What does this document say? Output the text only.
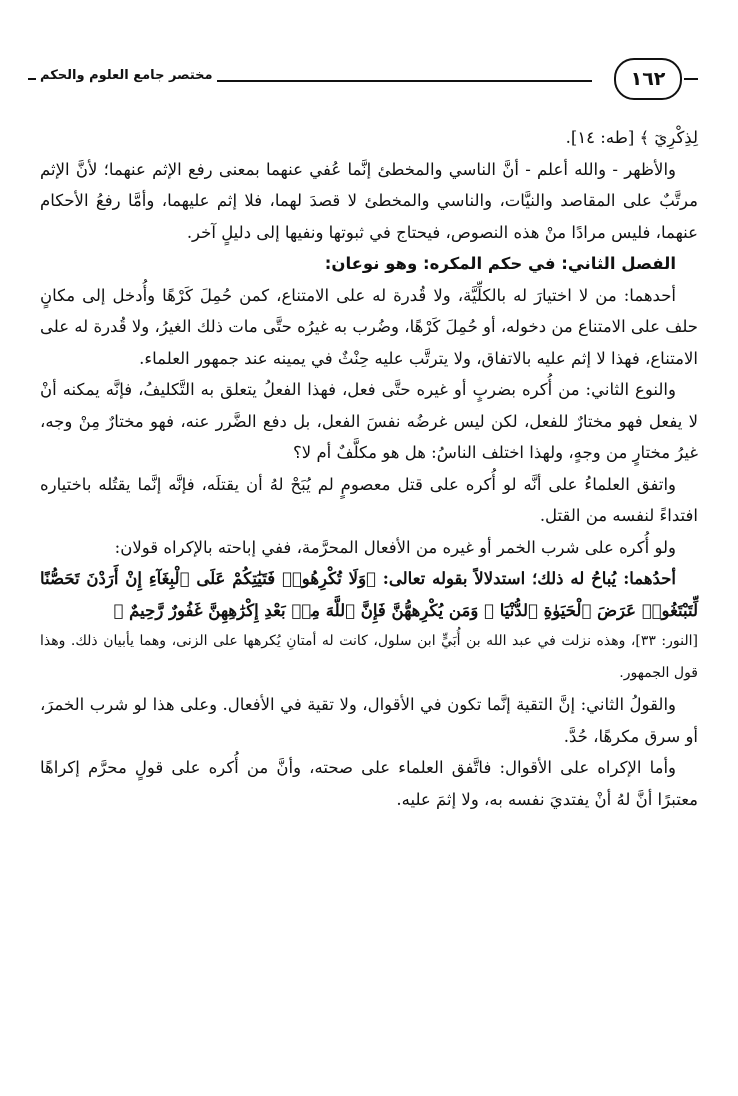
مختصر جامع العلوم والحكم	١٦٢

لِذِكْرِيٓ ﴾ [طه: ١٤].

والأظهر - والله أعلم - أنَّ الناسي والمخطئ إنَّما عُفي عنهما بمعنى رفع الإثم عنهما؛ لأنَّ الإثم مرتَّبٌ على المقاصد والنيَّات، والناسي والمخطئ لا قصدَ لهما، فلا إثم عليهما، وأمَّا رفعُ الأحكام عنهما، فليس مرادًا منْ هذه النصوص، فيحتاج في ثبوتها ونفيها إلى دليلٍ آخر.

الفصل الثاني: في حكم المكره: وهو نوعان:

أحدهما: من لا اختيارَ له بالكلِّيَّة، ولا قُدرة له على الامتناع، كمن حُمِلَ كَرْهًا وأُدخل إلى مكانٍ حلف على الامتناع من دخوله، أو حُمِلَ كَرْهًا، وضُرب به غيرُه حتَّى مات ذلك الغيرُ، ولا قُدرة له على الامتناع، فهذا لا إثم عليه بالاتفاق، ولا يترتَّب عليه حِنْثٌ في يمينه عند جمهور العلماء.

والنوع الثاني: من أُكره بضربٍ أو غيره حتَّى فعل، فهذا الفعلُ يتعلق به التَّكليفُ، فإنَّه يمكنه أنْ لا يفعل فهو مختارٌ للفعل، لكن ليس غرضُه نفسَ الفعل، بل دفع الضَّرر عنه، فهو مختارٌ مِنْ وجه، غيرُ مختارٍ من وجهٍ، ولهذا اختلف الناسُ: هل هو مكلَّفٌ أم لا؟

واتفق العلماءُ على أنَّه لو أُكره على قتل معصومٍ لم يُبَحْ لهُ أن يقتلَه، فإنَّه إنَّما يقتُله باختياره افتداءً لنفسه من القتل.

ولو أُكره على شرب الخمر أو غيره من الأفعال المحرَّمة، ففي إباحته بالإكراه قولان:

أحدُهما: يُباحُ له ذلك؛ استدلالاً بقوله تعالى: ﴿وَلَا تُكْرِهُوا۟ فَتَيَٰتِكُمْ عَلَى ٱلْبِغَآءِ إِنْ أَرَدْنَ تَحَصُّنًا لِّتَبْتَغُوا۟ عَرَضَ ٱلْحَيَوٰةِ ٱلدُّنْيَا ۚ وَمَن يُكْرِههُّنَّ فَإِنَّ ٱللَّهَ مِنۢ بَعْدِ إِكْرَٰهِهِنَّ غَفُورٌ رَّحِيمٌ ﴾

[النور: ٣٣]، وهذه نزلت في عبد الله بن أُبَيٍّ ابن سلول، كانت له أمتانِ يُكرهها على الزنى، وهما يأبيان ذلك. وهذا قول الجمهور.

والقولُ الثاني: إنَّ التقية إنَّما تكون في الأقوال، ولا تقية في الأفعال. وعلى هذا لو شرب الخمرَ، أو سرق مكرهًا، حُدَّ.

وأما الإكراه على الأقوال: فاتَّفق العلماء على صحته، وأنَّ من أُكره على قولٍ محرَّم إكراهًا معتبرًا أنَّ لهُ أنْ يفتديَ نفسه به، ولا إثمَ عليه.
